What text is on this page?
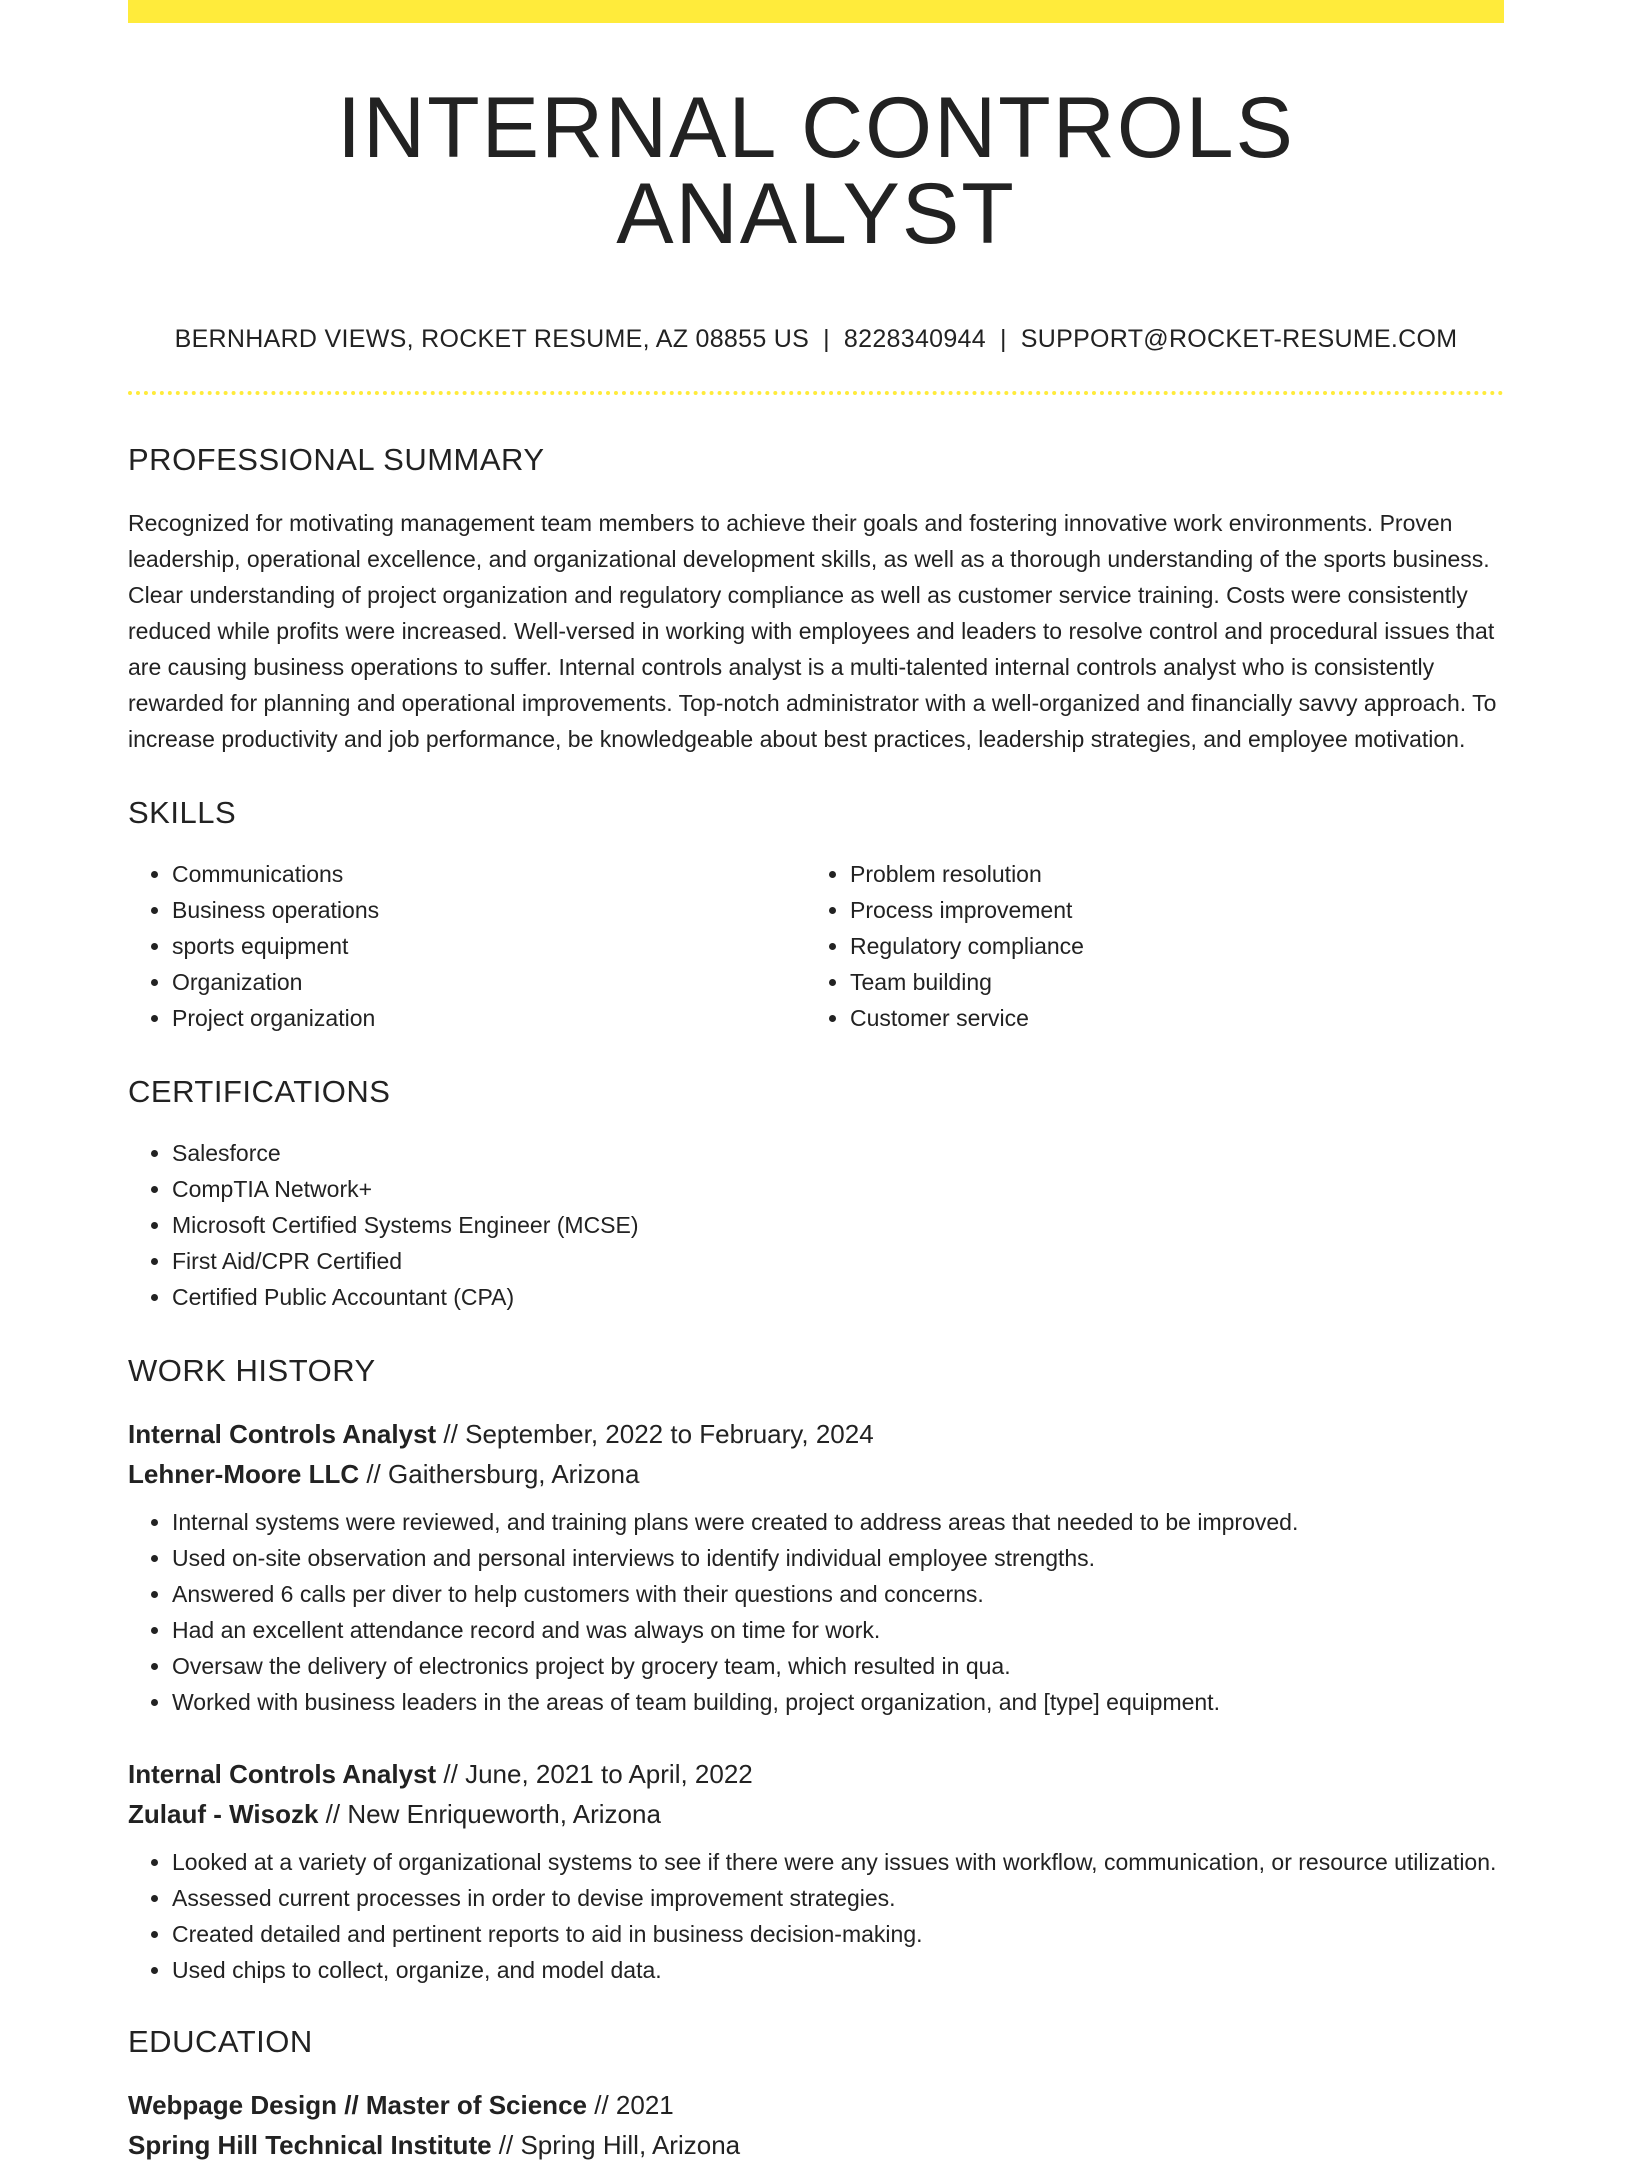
INTERNAL CONTROLS ANALYST
BERNHARD VIEWS, ROCKET RESUME, AZ 08855 US | 8228340944 | SUPPORT@ROCKET-RESUME.COM
PROFESSIONAL SUMMARY

Recognized for motivating management team members to achieve their goals and fostering innovative work environments. Proven leadership, operational excellence, and organizational development skills, as well as a thorough understanding of the sports business. Clear understanding of project organization and regulatory compliance as well as customer service training. Costs were consistently reduced while profits were increased. Well-versed in working with employees and leaders to resolve control and procedural issues that are causing business operations to suffer. Internal controls analyst is a multi-talented internal controls analyst who is consistently rewarded for planning and operational improvements. Top-notch administrator with a well-organized and financially savvy approach. To increase productivity and job performance, be knowledgeable about best practices, leadership strategies, and employee motivation.

SKILLS
• Communications
• Business operations
• sports equipment
• Organization
• Project organization
• Problem resolution
• Process improvement
• Regulatory compliance
• Team building
• Customer service
CERTIFICATIONS
• Salesforce
• CompTIA Network+
• Microsoft Certified Systems Engineer (MCSE)
• First Aid/CPR Certified
• Certified Public Accountant (CPA)
WORK HISTORY
Internal Controls Analyst // September, 2022 to February, 2024
Lehner-Moore LLC // Gaithersburg, Arizona
• Internal systems were reviewed, and training plans were created to address areas that needed to be improved.
• Used on-site observation and personal interviews to identify individual employee strengths.
• Answered 6 calls per diver to help customers with their questions and concerns.
• Had an excellent attendance record and was always on time for work.
• Oversaw the delivery of electronics project by grocery team, which resulted in qua.
• Worked with business leaders in the areas of team building, project organization, and [type] equipment.
Internal Controls Analyst // June, 2021 to April, 2022
Zulauf - Wisozk // New Enriqueworth, Arizona
• Looked at a variety of organizational systems to see if there were any issues with workflow, communication, or resource utilization.
• Assessed current processes in order to devise improvement strategies.
• Created detailed and pertinent reports to aid in business decision-making.
• Used chips to collect, organize, and model data.
EDUCATION
Webpage Design // Master of Science // 2021
Spring Hill Technical Institute // Spring Hill, Arizona
